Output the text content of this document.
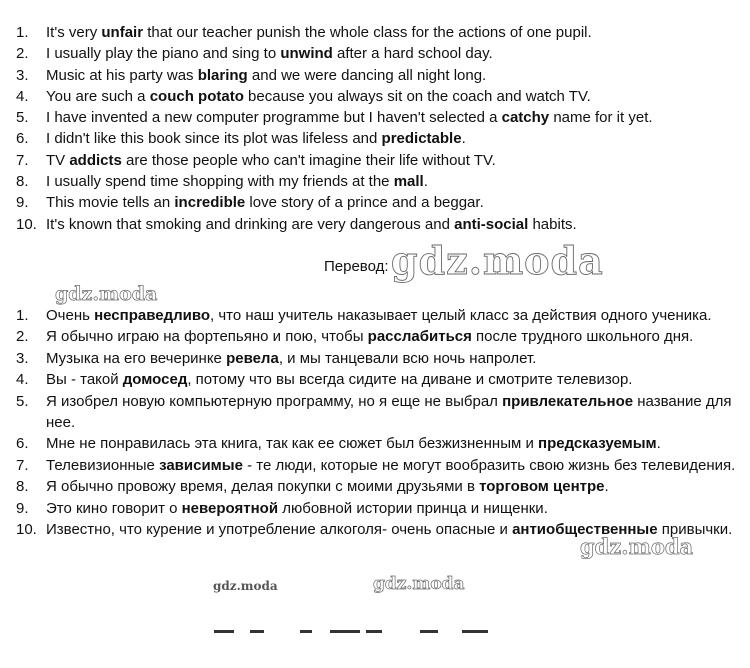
1. It's very unfair that our teacher punish the whole class for the actions of one pupil.
2. I usually play the piano and sing to unwind after a hard school day.
3. Music at his party was blaring and we were dancing all night long.
4. You are such a couch potato because you always sit on the coach and watch TV.
5. I have invented a new computer programme but I haven't selected a catchy name for it yet.
6. I didn't like this book since its plot was lifeless and predictable.
7. TV addicts are those people who can't imagine their life without TV.
8. I usually spend time shopping with my friends at the mall.
9. This movie tells an incredible love story of a prince and a beggar.
10. It's known that smoking and drinking are very dangerous and anti-social habits.
Перевод:
1. Очень несправедливо, что наш учитель наказывает целый класс за действия одного ученика.
2. Я обычно играю на фортепьяно и пою, чтобы расслабиться после трудного школьного дня.
3. Музыка на его вечеринке ревела, и мы танцевали всю ночь напролет.
4. Вы - такой домосед, потому что вы всегда сидите на диване и смотрите телевизор.
5. Я изобрел новую компьютерную программу, но я еще не выбрал привлекательное название для нее.
6. Мне не понравилась эта книга, так как ее сюжет был безжизненным и предсказуемым.
7. Телевизионные зависимые - те люди, которые не могут вообразить свою жизнь без телевидения.
8. Я обычно провожу время, делая покупки с моими друзьями в торговом центре.
9. Это кино говорит о невероятной любовной истории принца и нищенки.
10. Известно, что курение и употребление алкоголя- очень опасные и антиобщественные привычки.
gdz.moda
gdz.moda
gdz.moda
gdz.moda
gdz.moda
